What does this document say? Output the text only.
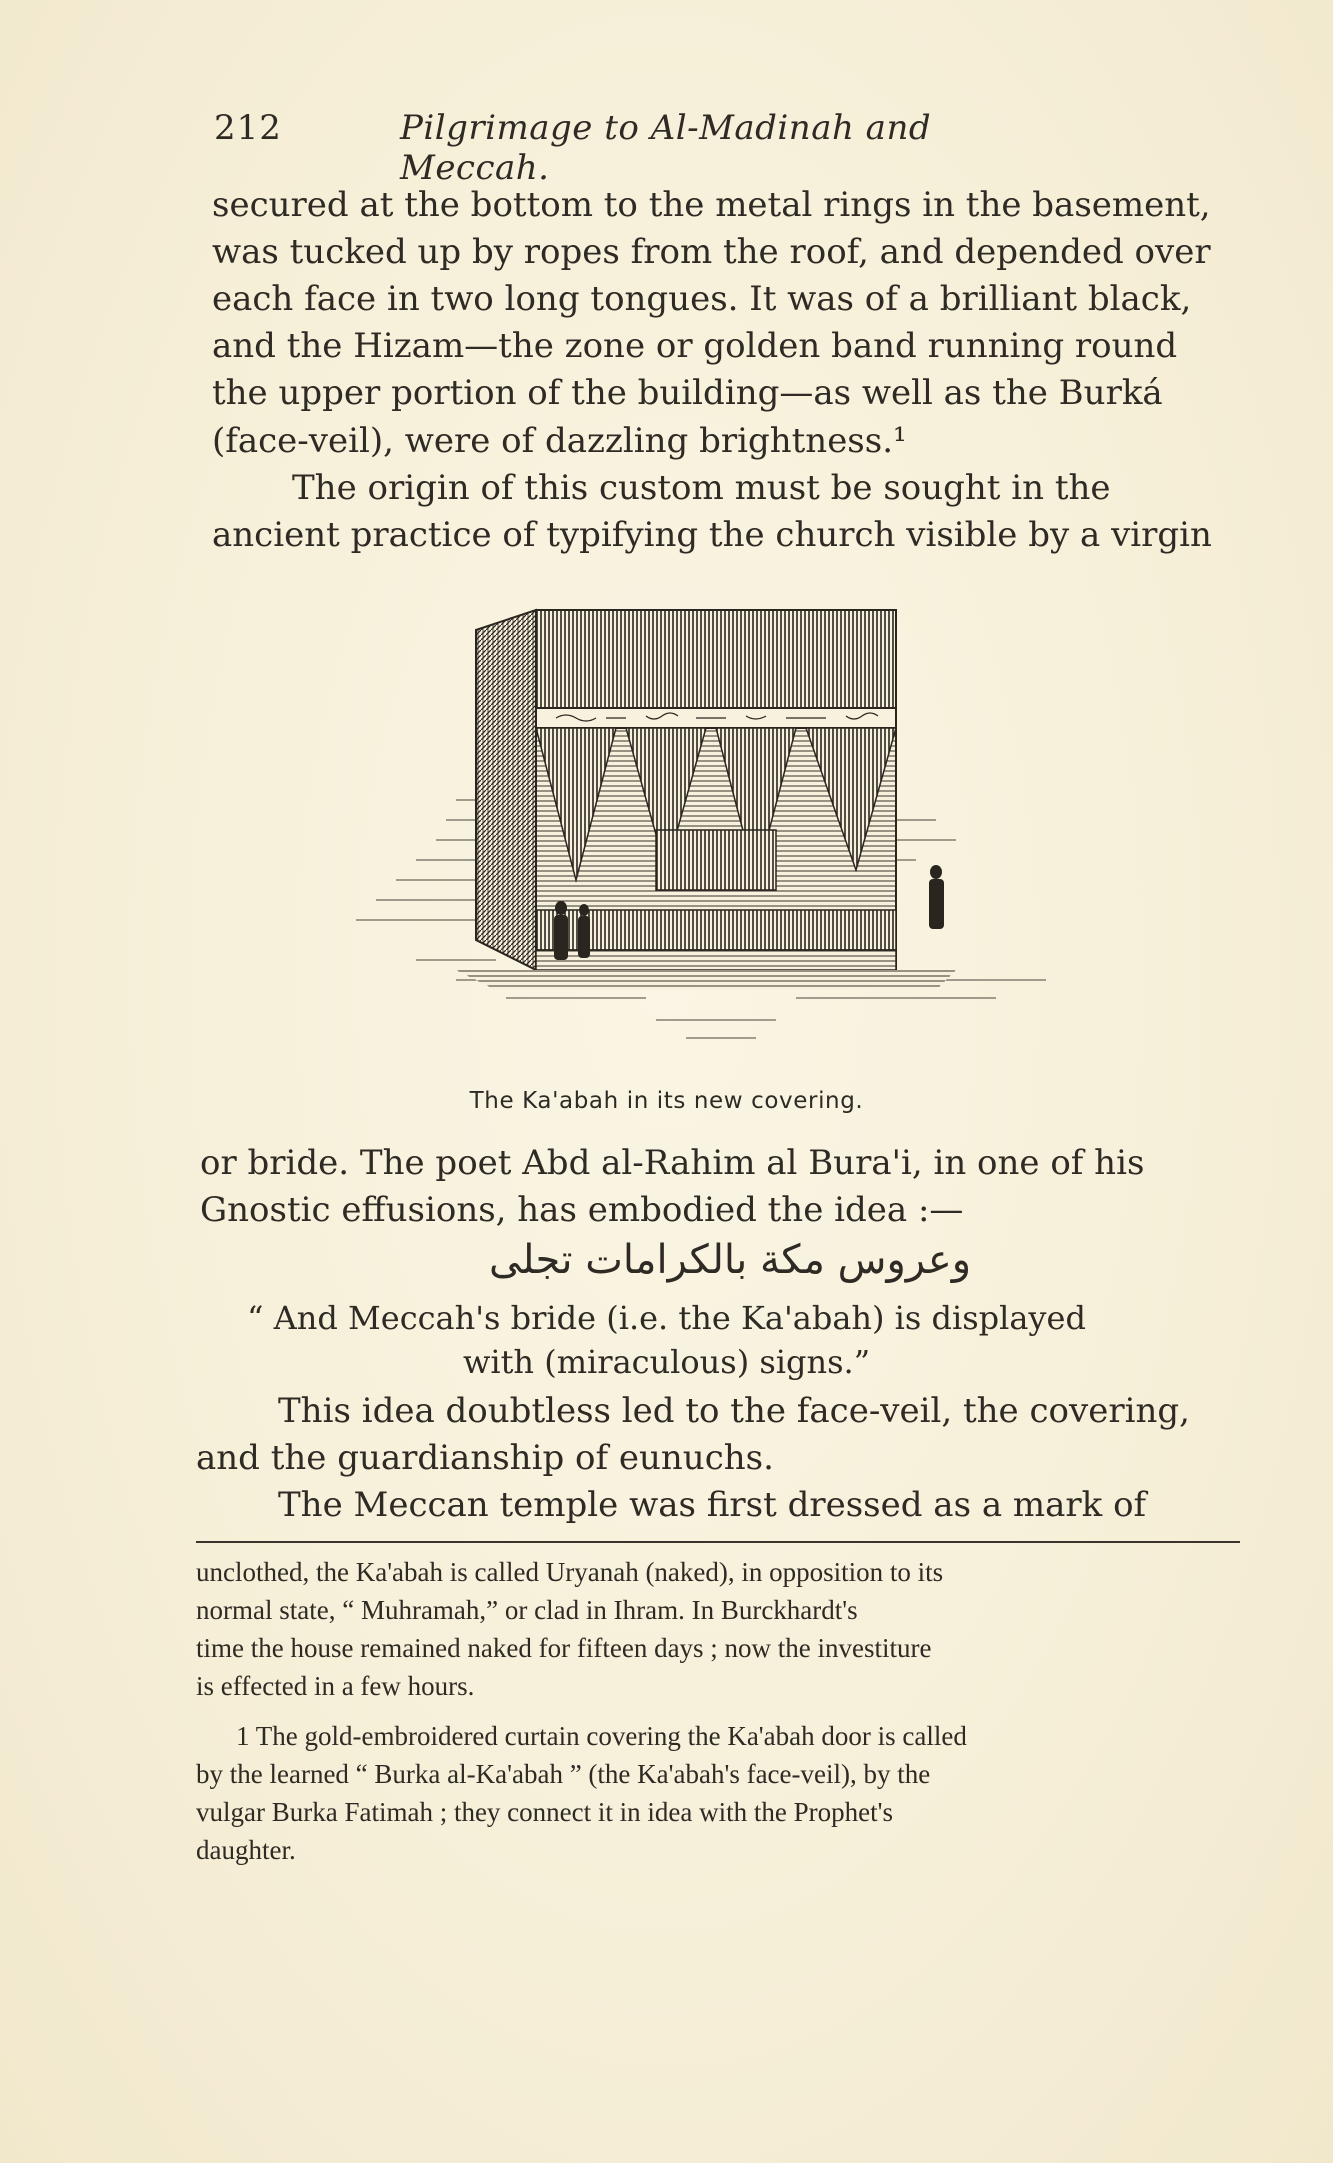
212	Pilgrimage to Al-Madinah and Meccah.
secured at the bottom to the metal rings in the basement,
was tucked up by ropes from the roof, and depended over
each face in two long tongues. It was of a brilliant black,
and the Hizam—the zone or golden band running round
the upper portion of the building—as well as the Burká
(face-veil), were of dazzling brightness.¹
The origin of this custom must be sought in the
ancient practice of typifying the church visible by a virgin
The Ka'abah in its new covering.
or bride. The poet Abd al-Rahim al Bura'i, in one of his
Gnostic effusions, has embodied the idea :—
وعروس مكة بالكرامات تجلى
“ And Meccah's bride (i.e. the Ka'abah) is displayed
with (miraculous) signs.”
This idea doubtless led to the face-veil, the covering,
and the guardianship of eunuchs.
The Meccan temple was first dressed as a mark of
unclothed, the Ka'abah is called Uryanah (naked), in opposition to its
normal state, “ Muhramah,” or clad in Ihram. In Burckhardt's
time the house remained naked for fifteen days ; now the investiture
is effected in a few hours.
1 The gold-embroidered curtain covering the Ka'abah door is called
by the learned “ Burka al-Ka'abah ” (the Ka'abah's face-veil), by the
vulgar Burka Fatimah ; they connect it in idea with the Prophet's
daughter.
